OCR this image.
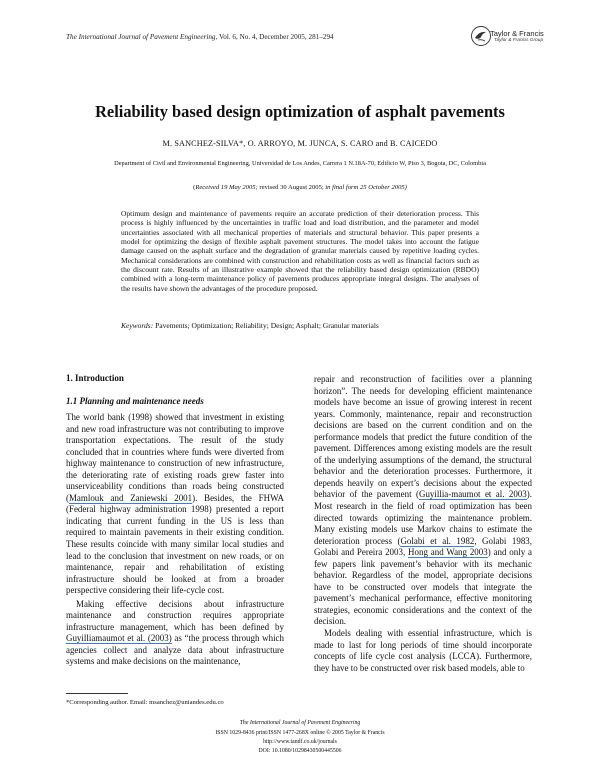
The International Journal of Pavement Engineering, Vol. 6, No. 4, December 2005, 281–294	Taylor & Francis
Taylor & Francis Group
Reliability based design optimization of asphalt pavements
M. SANCHEZ-SILVA*, O. ARROYO, M. JUNCA, S. CARO and B. CAICEDO
Department of Civil and Environmental Engineering, Universidad de Los Andes, Carrera 1 N.18A-70, Edificio W, Piso 3, Bogota, DC, Colombia
(Received 19 May 2005; revised 30 August 2005; in final form 25 October 2005)
Optimum design and maintenance of pavements require an accurate prediction of their deterioration process. This process is highly influenced by the uncertainties in traffic load and load distribution, and the parameter and model uncertainties associated with all mechanical properties of materials and structural behavior. This paper presents a model for optimizing the design of flexible asphalt pavement structures. The model takes into account the fatigue damage caused on the asphalt surface and the degradation of granular materials caused by repetitive loading cycles. Mechanical considerations are combined with construction and rehabilitation costs as well as financial factors such as the discount rate. Results of an illustrative example showed that the reliability based design optimization (RBDO) combined with a long-term maintenance policy of pavements produces appropriate integral designs. The analyses of the results have shown the advantages of the procedure proposed.
Keywords: Pavements; Optimization; Reliability; Design; Asphalt; Granular materials
1. Introduction
1.1 Planning and maintenance needs

The world bank (1998) showed that investment in existing and new road infrastructure was not contributing to improve transportation expectations. The result of the study concluded that in countries where funds were diverted from highway maintenance to construction of new infrastructure, the deteriorating rate of existing roads grew faster into unserviceability conditions than roads being constructed (Mamlouk and Zaniewski 2001). Besides, the FHWA (Federal highway administration 1998) presented a report indicating that current funding in the US is less than required to maintain pavements in their existing condition. These results coincide with many similar local studies and lead to the conclusion that investment on new roads, or on maintenance, repair and rehabilitation of existing infrastructure should be looked at from a broader perspective considering their life-cycle cost.

Making effective decisions about infrastructure maintenance and construction requires appropriate infrastructure management, which has been defined by Guyilliamaumot et al. (2003) as “the process through which agencies collect and analyze data about infrastructure systems and make decisions on the maintenance,

repair and reconstruction of facilities over a planning horizon”. The needs for developing efficient maintenance models have become an issue of growing interest in recent years. Commonly, maintenance, repair and reconstruction decisions are based on the current condition and on the performance models that predict the future condition of the pavement. Differences among existing models are the result of the underlying assumptions of the demand, the structural behavior and the deterioration processes. Furthermore, it depends heavily on expert’s decisions about the expected behavior of the pavement (Guyillia-maumot et al. 2003). Most research in the field of road optimization has been directed towards optimizing the maintenance problem. Many existing models use Markov chains to estimate the deterioration process (Golabi et al. 1982, Golabi 1983, Golabi and Pereira 2003, Hong and Wang 2003) and only a few papers link pavement’s behavior with its mechanic behavior. Regardless of the model, appropriate decisions have to be constructed over models that integrate the pavement’s mechanical performance, effective monitoring strategies, economic considerations and the context of the decision.

Models dealing with essential infrastructure, which is made to last for long periods of time should incorporate concepts of life cycle cost analysis (LCCA). Furthermore, they have to be constructed over risk based models, able to

*Corresponding author. Email: msanchez@uniandes.edu.co
The International Journal of Pavement Engineering
ISSN 1029-8436 print/ISSN 1477-268X online © 2005 Taylor & Francis
http://www.tandf.co.uk/journals
DOI: 10.1080/10298430500445506
